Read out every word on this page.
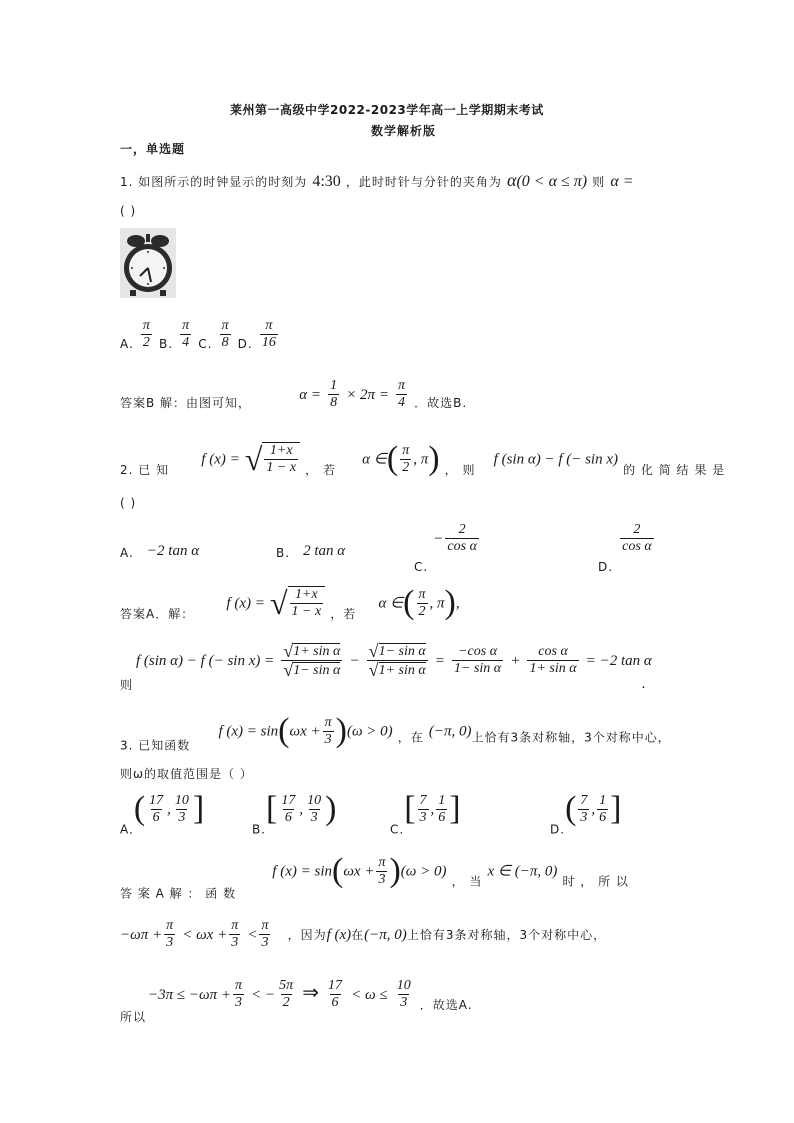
莱州第一高级中学2022-2023学年高一上学期期末考试
数学解析版
一，单选题
1. 如图所示的时钟显示的时刻为 4:30 ，此时时针与分针的夹角为 α(0 < α ≤ π) 则 α =
( )
A. $\frac{\pi}{2} B$. $\frac{\pi}{4} C$. $\frac{\pi}{8} D$. $\frac{\pi}{16}$
答案B 解：由图可知，	$\alpha = \frac{1}{8} \times 2\pi = \frac{\pi}{4}$ ．故选B.
2. 已 知  f (x) = √ $\frac{1+x}{1 - x}$ ， 若  α ∈( $\frac{\pi}{2}$ , π) ， 则  f (sin α) − f (− sin x) 的 化 简 结 果 是
( )
A. −2 tan α	B. 2 tan α
$_{C.} - \frac{2}{\text{cos α}}$
$_{D.}$
$\frac{2}{\text{cos α}}$
答案A．解：  f (x) = √ $\frac{1+x}{1 - x}$ ，若  α ∈( $\frac{\pi}{2}$ , π),
则
f (sin α) − f (− $\sin x) = \frac{\text{√ 1+ sin α}}{\text{√ 1− sin α}} - \frac{\text{√ 1− sin α}}{\text{√ 1+ sin α}} = \frac{\text{−cos α}}{\text{1− sin α}} + \frac{\text{cos α}}{\text{1+ sin α}} = -2$ tan α
.
$_{3. 已知函数}$  f $(x) = \sin(\omega x + \frac{\pi}{3} )(\omega > 0)$ $_{,在}$ (−π, $0)_{上恰有3条对称轴,3个对称中心,}$
则ω的取值范围是（ ）
$_{A.}( \frac{17}{6}$ , $\frac{10}{3}$ ]
$_{B.}[ \frac{17}{6}$ , $\frac{10}{3}$ )
$_{C.}[ \frac{7}{3}$ , $\frac{1}{6}$ ]
$_{D.}( \frac{7}{3}$ , $\frac{1}{6}$ ]
$_{答 案 A 解 : 函 数}$  f $(x) = \sin(\omega x + \frac{\pi}{3} )(\omega > 0)$ $_{, 当}$ x ∈ (−π, 0) $_{时 , 所 以}$
$-\omega\pi + \frac{\pi}{3} < \omega x + \frac{\pi}{3} < \frac{\pi}{3}$ ，因为f (x)在(−π, 0)上恰有3条对称轴，3个对称中心，
所以
$-3\pi \le -\omega\pi + \frac{\pi}{3}$ < − $\frac{5\pi}{2}$ ⇒ $\frac{17}{6} < \omega \le \frac{10}{3} _{.故选A.}$
